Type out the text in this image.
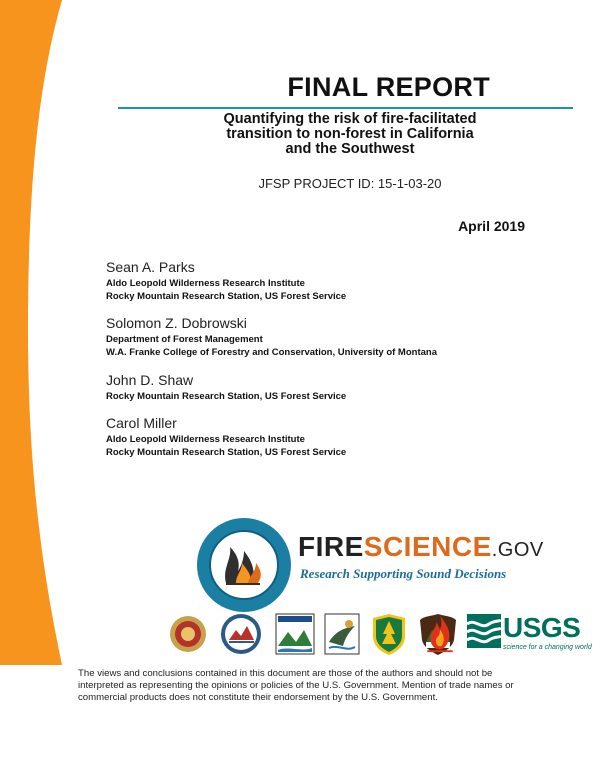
FINAL REPORT
Quantifying the risk of fire-facilitated
transition to non-forest in California
and the Southwest
JFSP PROJECT ID: 15-1-03-20
April 2019
Sean A. Parks
Aldo Leopold Wilderness Research Institute
Rocky Mountain Research Station, US Forest Service
Solomon Z. Dobrowski
Department of Forest Management
W.A. Franke College of Forestry and Conservation, University of Montana
John D. Shaw
Rocky Mountain Research Station, US Forest Service
Carol Miller
Aldo Leopold Wilderness Research Institute
Rocky Mountain Research Station, US Forest Service
FIRESCIENCE.GOV
Research Supporting Sound Decisions
USGS
science for a changing world
The views and conclusions contained in this document are those of the authors and should not be interpreted as representing the opinions or policies of the U.S. Government. Mention of trade names or commercial products does not constitute their endorsement by the U.S. Government.
